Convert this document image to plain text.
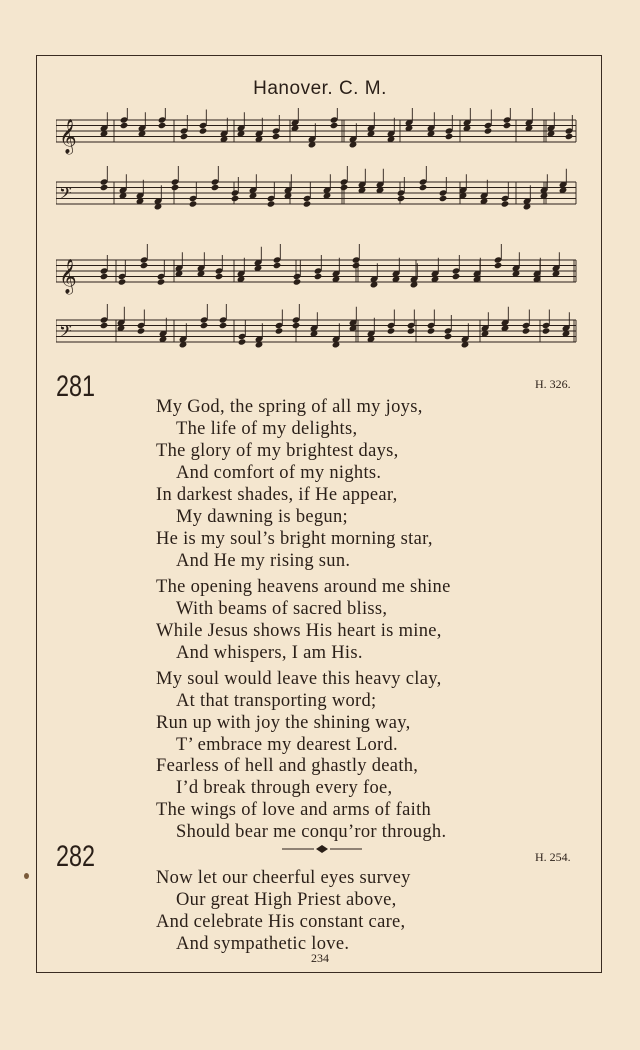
Hanover. C. M.
𝄞
𝄢
𝄞
𝄢
281	H. 326.
My God, the spring of all my joys,
The life of my delights,
The glory of my brightest days,
And comfort of my nights.
In darkest shades, if He appear,
My dawning is begun;
He is my soul’s bright morning star,
And He my rising sun.
The opening heavens around me shine
With beams of sacred bliss,
While Jesus shows His heart is mine,
And whispers, I am His.
My soul would leave this heavy clay,
At that transporting word;
Run up with joy the shining way,
T’ embrace my dearest Lord.
Fearless of hell and ghastly death,
I’d break through every foe,
The wings of love and arms of faith
Should bear me conqu’ror through.
282	H. 254.
Now let our cheerful eyes survey
Our great High Priest above,
And celebrate His constant care,
And sympathetic love.
234
